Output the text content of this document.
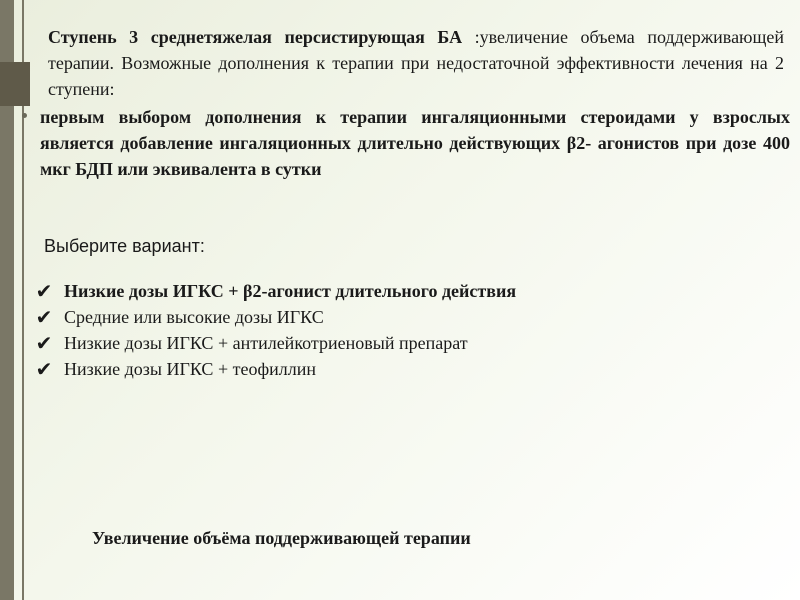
Ступень 3 среднетяжелая персистирующая БА :увеличение объема поддерживающей терапии. Возможные дополнения к терапии при недостаточной эффективности лечения на 2 ступени:
первым выбором дополнения к терапии ингаляционными стероидами у взрослых является добавление ингаляционных длительно действующих β2- агонистов при дозе 400 мкг БДП или эквивалента в сутки
Выберите вариант:
✔ Низкие дозы ИГКС + β2-агонист длительного действия
✔ Средние или высокие дозы ИГКС
✔ Низкие дозы ИГКС + антилейкотриеновый препарат
✔ Низкие дозы ИГКС + теофиллин
Увеличение объёма поддерживающей терапии
